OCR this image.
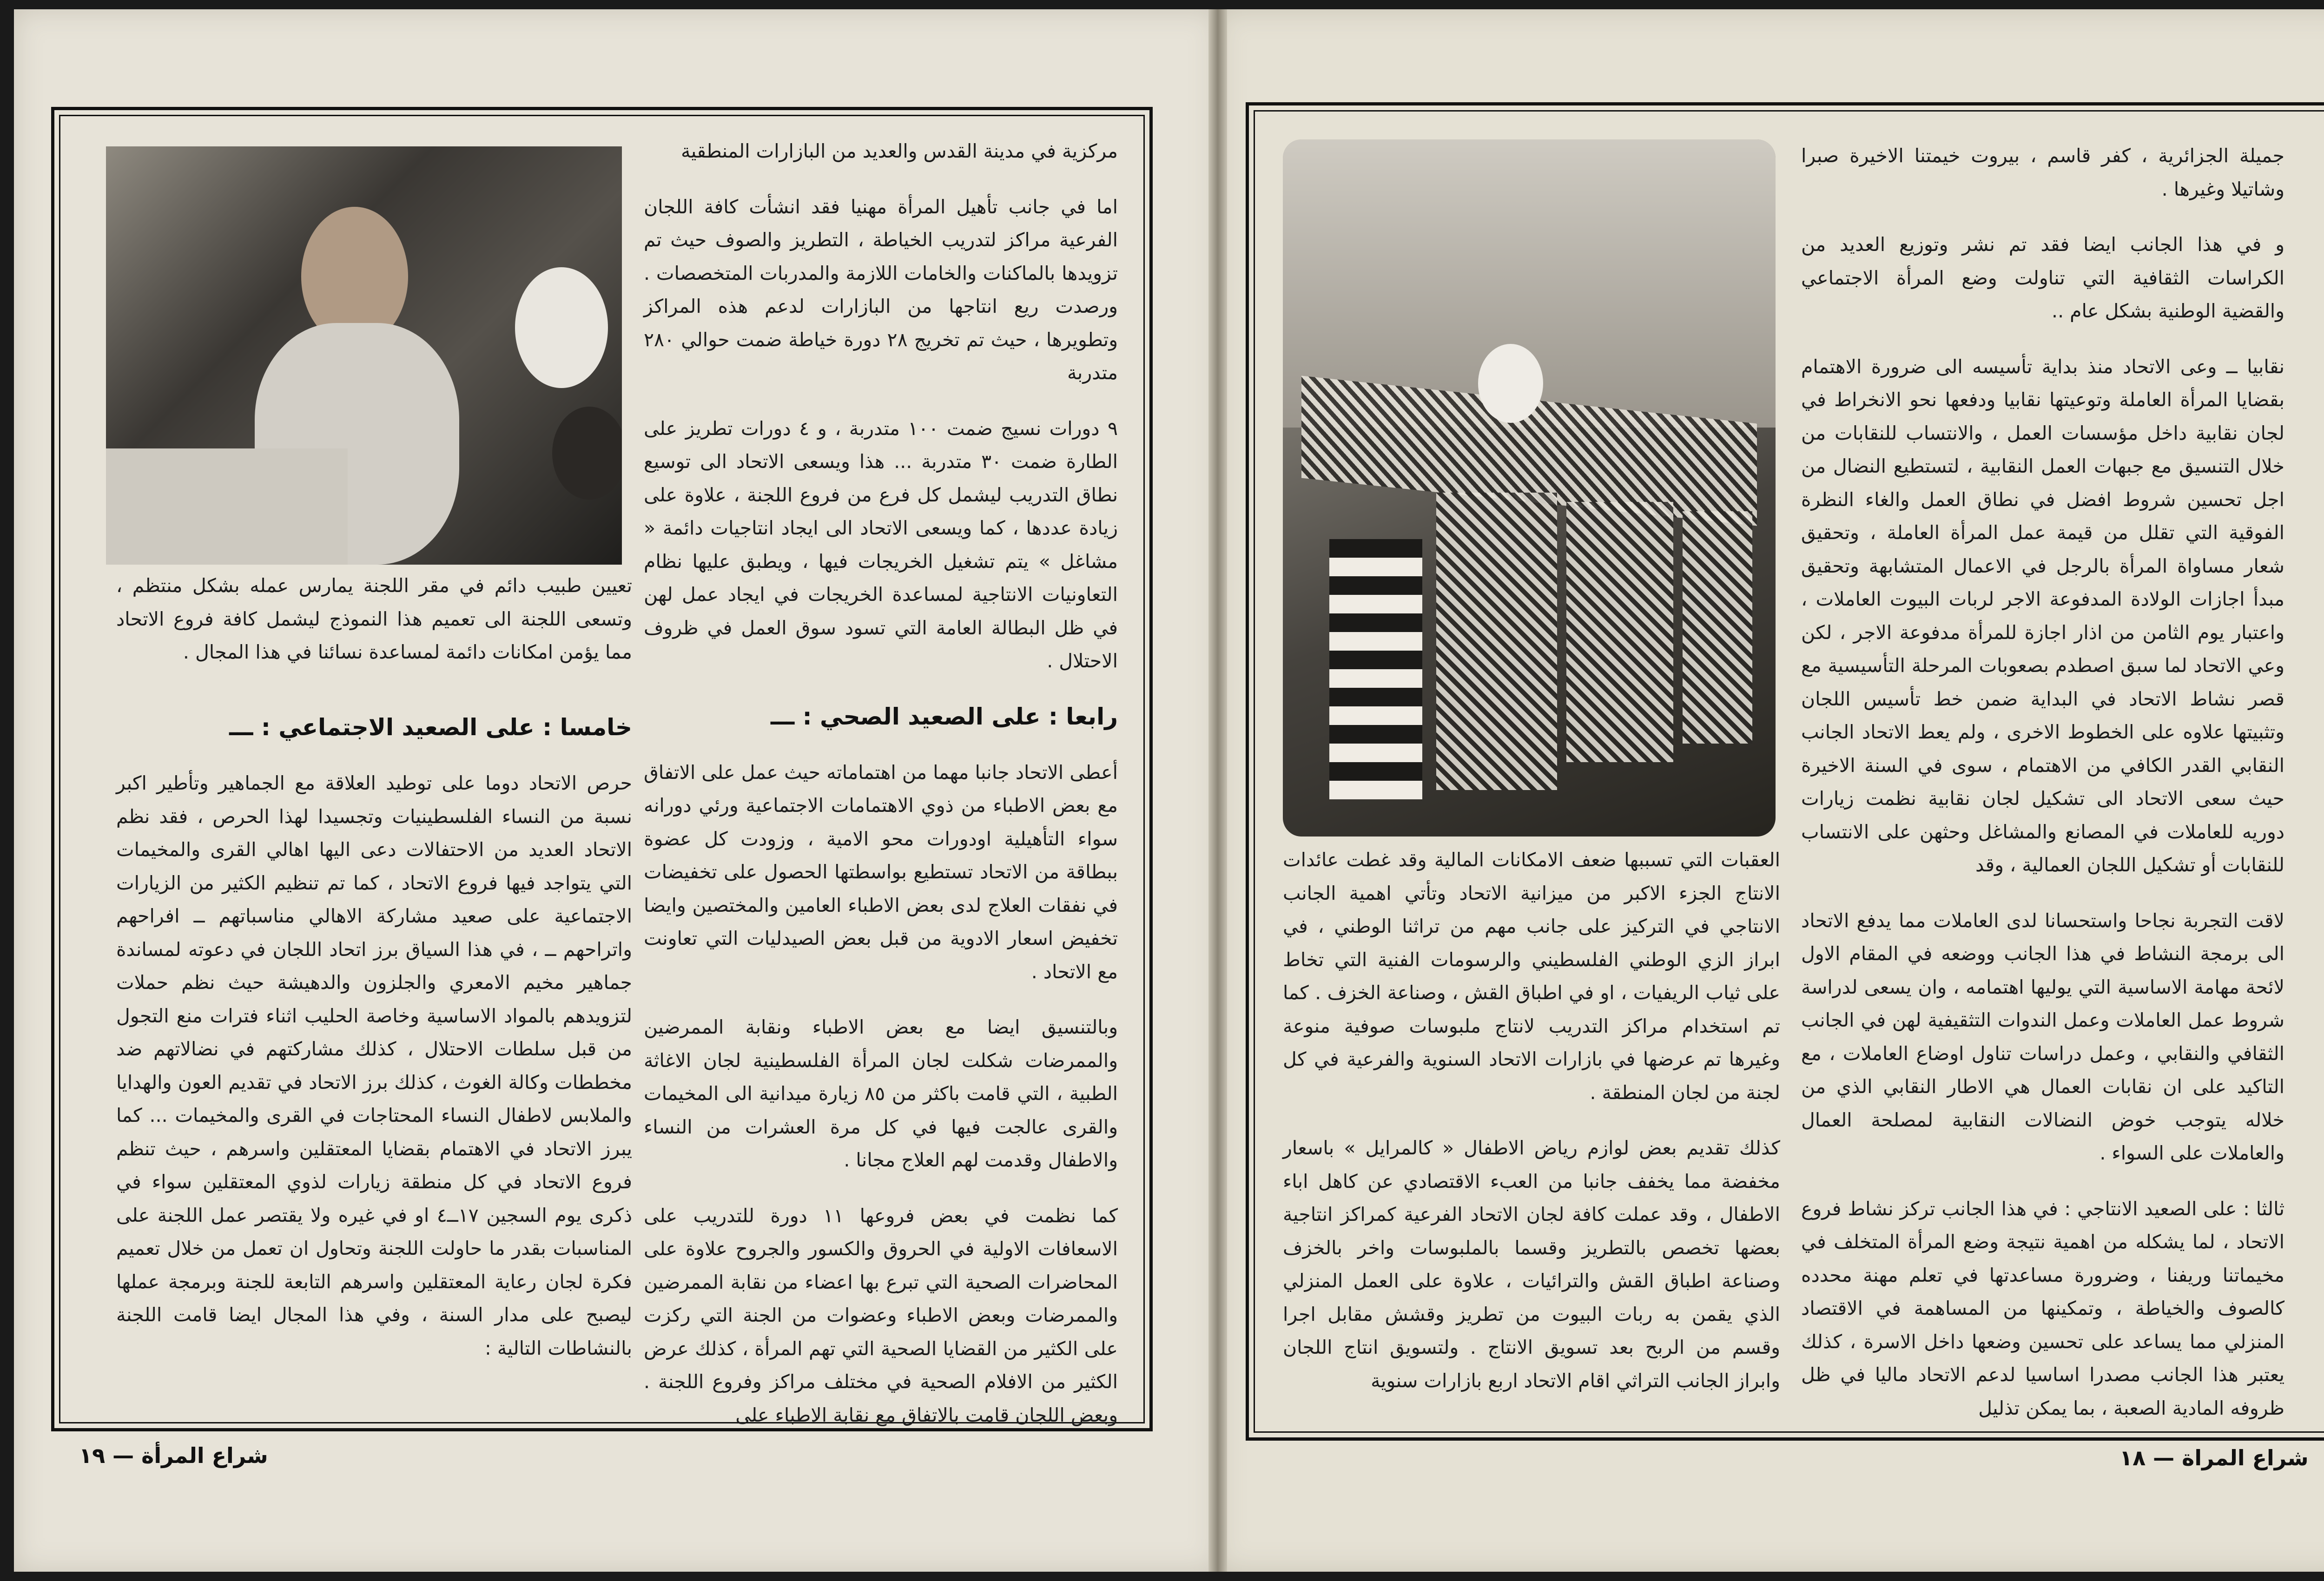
تعيين طبيب دائم في مقر اللجنة يمارس عمله بشكل منتظم ، وتسعى اللجنة الى تعميم هذا النموذج ليشمل كافة فروع الاتحاد مما يؤمن امكانات دائمة لمساعدة نسائنا في هذا المجال .
خامسا : على الصعيد الاجتماعي : ـــ

حرص الاتحاد دوما على توطيد العلاقة مع الجماهير وتأطير اكبر نسبة من النساء الفلسطينيات وتجسيدا لهذا الحرص ، فقد نظم الاتحاد العديد من الاحتفالات دعى اليها اهالي القرى والمخيمات التي يتواجد فيها فروع الاتحاد ، كما تم تنظيم الكثير من الزيارات الاجتماعية على صعيد مشاركة الاهالي مناسباتهم ــ افراحهم واتراحهم ــ ، في هذا السياق برز اتحاد اللجان في دعوته لمساندة جماهير مخيم الامعري والجلزون والدهيشة حيث نظم حملات لتزويدهم بالمواد الاساسية وخاصة الحليب اثناء فترات منع التجول من قبل سلطات الاحتلال ، كذلك مشاركتهم في نضالاتهم ضد مخططات وكالة الغوث ، كذلك برز الاتحاد في تقديم العون والهدايا والملابس لاطفال النساء المحتاجات في القرى والمخيمات ... كما يبرز الاتحاد في الاهتمام بقضايا المعتقلين واسرهم ، حيث تنظم فروع الاتحاد في كل منطقة زيارات لذوي المعتقلين سواء في ذكرى يوم السجين ١٧ــ٤ او في غيره ولا يقتصر عمل اللجنة على المناسبات بقدر ما حاولت اللجنة وتحاول ان تعمل من خلال تعميم فكرة لجان رعاية المعتقلين واسرهم التابعة للجنة وبرمجة عملها ليصبح على مدار السنة ، وفي هذا المجال ايضا قامت اللجنة بالنشاطات التالية :

مركزية في مدينة القدس والعديد من البازارات المنطقية

اما في جانب تأهيل المرأة مهنيا فقد انشأت كافة اللجان الفرعية مراكز لتدريب الخياطة ، التطريز والصوف حيث تم تزويدها بالماكنات والخامات اللازمة والمدربات المتخصصات . ورصدت ريع انتاجها من البازارات لدعم هذه المراكز وتطويرها ، حيث تم تخريج ٢٨ دورة خياطة ضمت حوالي ٢٨٠ متدربة

٩ دورات نسيج ضمت ١٠٠ متدربة ، و ٤ دورات تطريز على الطارة ضمت ٣٠ متدربة ... هذا ويسعى الاتحاد الى توسيع نطاق التدريب ليشمل كل فرع من فروع اللجنة ، علاوة على زيادة عددها ، كما ويسعى الاتحاد الى ايجاد انتاجيات دائمة « مشاغل » يتم تشغيل الخريجات فيها ، ويطبق عليها نظام التعاونيات الانتاجية لمساعدة الخريجات في ايجاد عمل لهن في ظل البطالة العامة التي تسود سوق العمل في ظروف الاحتلال .

رابعا : على الصعيد الصحي : ـــ

أعطى الاتحاد جانبا مهما من اهتماماته حيث عمل على الاتفاق مع بعض الاطباء من ذوي الاهتمامات الاجتماعية ورئي دورانه سواء التأهيلية اودورات محو الامية ، وزودت كل عضوة ببطاقة من الاتحاد تستطيع بواسطتها الحصول على تخفيضات في نفقات العلاج لدى بعض الاطباء العامين والمختصين وايضا تخفيض اسعار الادوية من قبل بعض الصيدليات التي تعاونت مع الاتحاد .

وبالتنسيق ايضا مع بعض الاطباء ونقابة الممرضين والممرضات شكلت لجان المرأة الفلسطينية لجان الاغاثة الطبية ، التي قامت باكثر من ٨٥ زيارة ميدانية الى المخيمات والقرى عالجت فيها في كل مرة العشرات من النساء والاطفال وقدمت لهم العلاج مجانا .

كما نظمت في بعض فروعها ١١ دورة للتدريب على الاسعافات الاولية في الحروق والكسور والجروح علاوة على المحاضرات الصحية التي تبرع بها اعضاء من نقابة الممرضين والممرضات وبعض الاطباء وعضوات من الجنة التي ركزت على الكثير من القضايا الصحية التي تهم المرأة ، كذلك عرض الكثير من الافلام الصحية في مختلف مراكز وفروع اللجنة . وبعض اللجان قامت بالاتفاق مع نقابة الاطباء على

شراع المرأة — ١٩

العقبات التي تسببها ضعف الامكانات المالية وقد غطت عائدات الانتاج الجزء الاكبر من ميزانية الاتحاد وتأتي اهمية الجانب الانتاجي في التركيز على جانب مهم من تراثنا الوطني ، في ابراز الزي الوطني الفلسطيني والرسومات الفنية التي تخاط على ثياب الريفيات ، او في اطباق القش ، وصناعة الخزف . كما تم استخدام مراكز التدريب لانتاج ملبوسات صوفية منوعة وغيرها تم عرضها في بازارات الاتحاد السنوية والفرعية في كل لجنة من لجان المنطقة .

كذلك تقديم بعض لوازم رياض الاطفال « كالمرايل » باسعار مخفضة مما يخفف جانبا من العبء الاقتصادي عن كاهل اباء الاطفال ، وقد عملت كافة لجان الاتحاد الفرعية كمراكز انتاجية بعضها تخصص بالتطريز وقسما بالملبوسات واخر بالخزف وصناعة اطباق القش والترائيات ، علاوة على العمل المنزلي الذي يقمن به ربات البيوت من تطريز وقشش مقابل اجرا وقسم من الربح بعد تسويق الانتاج . ولتسويق انتاج اللجان وابراز الجانب التراثي اقام الاتحاد اربع بازارات سنوية

جميلة الجزائرية ، كفر قاسم ، بيروت خيمتنا الاخيرة صبرا وشاتيلا وغيرها .

و في هذا الجانب ايضا فقد تم نشر وتوزيع العديد من الكراسات الثقافية التي تناولت وضع المرأة الاجتماعي والقضية الوطنية بشكل عام ..

نقابيا ــ وعى الاتحاد منذ بداية تأسيسه الى ضرورة الاهتمام بقضايا المرأة العاملة وتوعيتها نقابيا ودفعها نحو الانخراط في لجان نقابية داخل مؤسسات العمل ، والانتساب للنقابات من خلال التنسيق مع جبهات العمل النقابية ، لتستطيع النضال من اجل تحسين شروط افضل في نطاق العمل والغاء النظرة الفوقية التي تقلل من قيمة عمل المرأة العاملة ، وتحقيق شعار مساواة المرأة بالرجل في الاعمال المتشابهة وتحقيق مبدأ اجازات الولادة المدفوعة الاجر لربات البيوت العاملات ، واعتبار يوم الثامن من اذار اجازة للمرأة مدفوعة الاجر ، لكن وعي الاتحاد لما سبق اصطدم بصعوبات المرحلة التأسيسية مع قصر نشاط الاتحاد في البداية ضمن خط تأسيس اللجان وتثبيتها علاوه على الخطوط الاخرى ، ولم يعط الاتحاد الجانب النقابي القدر الكافي من الاهتمام ، سوى في السنة الاخيرة حيث سعى الاتحاد الى تشكيل لجان نقابية نظمت زيارات دوريه للعاملات في المصانع والمشاغل وحثهن على الانتساب للنقابات أو تشكيل اللجان العمالية ، وقد

لاقت التجربة نجاحا واستحسانا لدى العاملات مما يدفع الاتحاد الى برمجة النشاط في هذا الجانب ووضعه في المقام الاول لائحة مهامة الاساسية التي يوليها اهتمامه ، وان يسعى لدراسة شروط عمل العاملات وعمل الندوات التثقيفية لهن في الجانب الثقافي والنقابي ، وعمل دراسات تناول اوضاع العاملات ، مع التاكيد على ان نقابات العمال هي الاطار النقابي الذي من خلاله يتوجب خوض النضالات النقابية لمصلحة العمال والعاملات على السواء .

ثالثا : على الصعيد الانتاجي : في هذا الجانب تركز نشاط فروع الاتحاد ، لما يشكله من اهمية نتيجة وضع المرأة المتخلف في مخيماتنا وريفنا ، وضرورة مساعدتها في تعلم مهنة محدده كالصوف والخياطة ، وتمكينها من المساهمة في الاقتصاد المنزلي مما يساعد على تحسين وضعها داخل الاسرة ، كذلك يعتبر هذا الجانب مصدرا اساسيا لدعم الاتحاد ماليا في ظل ظروفه المادية الصعبة ، بما يمكن تذليل

شراع المراة — ١٨
